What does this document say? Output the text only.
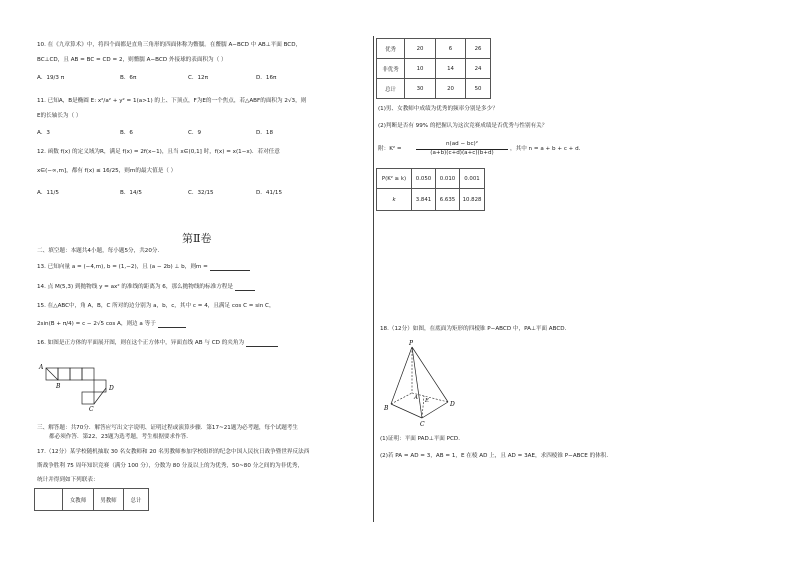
10. 在《九章算术》中，将四个面都是直角三角形的四面体称为鳖臑。在鳖臑 A−BCD 中 AB⊥平面 BCD，
BC⊥CD，且 AB = BC = CD = 2，则鳖臑 A−BCD 外接球的表面积为（ ）
A．19/3 π	B．6π	C．12π	D．16π
11. 已知A，B是椭圆 E: x²/a² + y² = 1(a>1) 的上、下顶点，F为E的一个焦点，若△ABF的面积为 2√3，则
E的长轴长为（ ）
A．3	B．6	C．9	D．18
12. 函数 f(x) 的定义域为R，满足 f(x) = 2f(x−1)，且当 x∈(0,1] 时，f(x) = x(1−x)．若对任意
x∈(−∞,m]，都有 f(x) ≤ 16/25，则m的最大值是（ ）
A．11/5	B．14/5	C．32/15	D．41/15
第Ⅱ卷
二、填空题：本题共4小题，每小题5分，共20分．
13. 已知向量 a = (−4,m), b = (1,−2)，且 (a − 2b) ⊥ b，则m =
14. 点 M(5,3) 到抛物线 y = ax² 的准线的距离为 6，那么抛物线的标准方程是
15. 在△ABC中，角 A，B，C 所对的边分别为 a，b，c，其中 c = 4，且满足 cos C = sin C，
2sin(B + π/4) = c − 2√5 cos A，则边 a 等于
16. 如图是正方体的平面展开图，则在这个正方体中，异面直线 AB 与 CD 的夹角为
A
B
C
D
三、解答题：共70分．解答应写出文字说明、证明过程或演算步骤．第17~21题为必考题，每个试题考生
都必须作答．第22、23题为选考题，考生根据要求作答．
17.（12分）某学校随机抽取 30 名女教师和 20 名男教师参加学校组织的纪念中国人民抗日战争暨世界反法西
斯战争胜利 75 周年知识竞赛（满分 100 分），分数为 80 分及以上的为优秀，50~80 分之间的为非优秀，
统计并得到如下列联表：
	女教师	男教师	总计
优秀	20	6	26
非优秀	10	14	24
总计	30	20	50
(1)男、女教师中成绩为优秀的频率分别是多少？
(2)判断是否有 99% 的把握认为这次竞赛成绩是否优秀与性别有关？
附：K² =
n(ad − bc)²
(a+b)(c+d)(a+c)(b+d)
，其中 n = a + b + c + d．
P(K² ≥ k)	0.050	0.010	0.001
k	3.841	6.635	10.828
18.（12分）如图，在底面为矩形的四棱锥 P−ABCD 中，PA⊥平面 ABCD．
P
A
B
C
D
E
(1)证明：平面 PAD⊥平面 PCD．
(2)若 PA = AD = 3，AB = 1，E 在棱 AD 上，且 AD = 3AE，求四棱锥 P−ABCE 的体积．
